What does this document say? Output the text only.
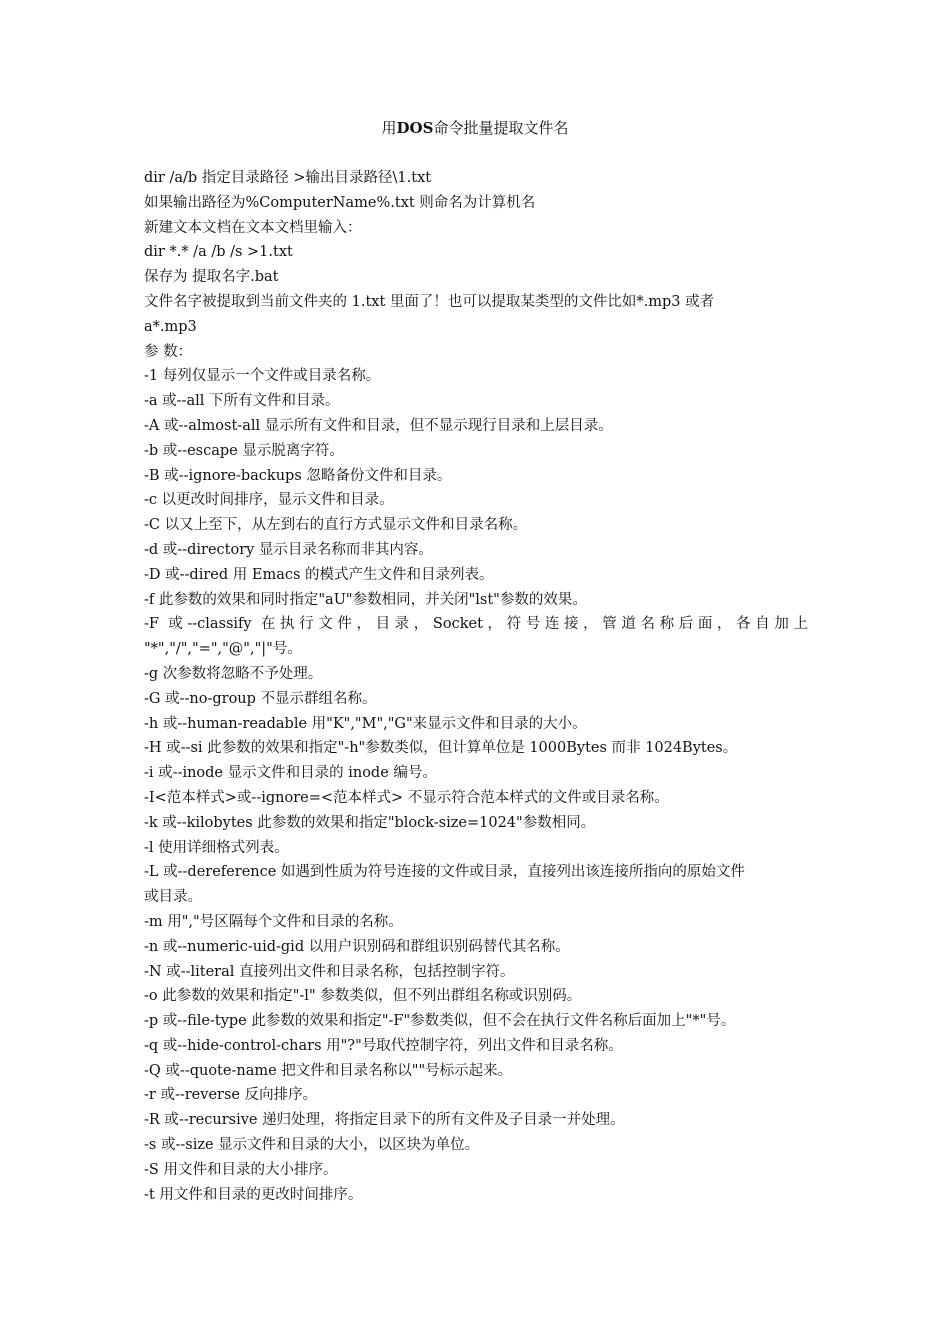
用DOS命令批量提取文件名
dir /a/b 指定目录路径 >输出目录路径\1.txt
如果输出路径为%ComputerName%.txt 则命名为计算机名
新建文本文档在文本文档里输入：
dir *.* /a /b /s >1.txt
保存为 提取名字.bat
文件名字被提取到当前文件夹的 1.txt 里面了！也可以提取某类型的文件比如*.mp3 或者
a*.mp3
参 数：
-1 每列仅显示一个文件或目录名称。
-a 或--all 下所有文件和目录。
-A 或--almost-all 显示所有文件和目录，但不显示现行目录和上层目录。
-b 或--escape 显示脱离字符。
-B 或--ignore-backups 忽略备份文件和目录。
-c 以更改时间排序，显示文件和目录。
-C 以又上至下，从左到右的直行方式显示文件和目录名称。
-d 或--directory 显示目录名称而非其内容。
-D 或--dired 用 Emacs 的模式产生文件和目录列表。
-f 此参数的效果和同时指定"aU"参数相同，并关闭"lst"参数的效果。
-F 或--classify 在执行文件，目录，Socket，符号连接，管道名称后面，各自加上
"*","/","=","@","|"号。
-g 次参数将忽略不予处理。
-G 或--no-group 不显示群组名称。
-h 或--human-readable 用"K","M","G"来显示文件和目录的大小。
-H 或--si 此参数的效果和指定"-h"参数类似，但计算单位是 1000Bytes 而非 1024Bytes。
-i 或--inode 显示文件和目录的 inode 编号。
-I<范本样式>或--ignore=<范本样式> 不显示符合范本样式的文件或目录名称。
-k 或--kilobytes 此参数的效果和指定"block-size=1024"参数相同。
-l 使用详细格式列表。
-L 或--dereference 如遇到性质为符号连接的文件或目录，直接列出该连接所指向的原始文件
或目录。
-m 用","号区隔每个文件和目录的名称。
-n 或--numeric-uid-gid 以用户识别码和群组识别码替代其名称。
-N 或--literal 直接列出文件和目录名称，包括控制字符。
-o 此参数的效果和指定"-l" 参数类似，但不列出群组名称或识别码。
-p 或--file-type 此参数的效果和指定"-F"参数类似，但不会在执行文件名称后面加上"*"号。
-q 或--hide-control-chars 用"?"号取代控制字符，列出文件和目录名称。
-Q 或--quote-name 把文件和目录名称以""号标示起来。
-r 或--reverse 反向排序。
-R 或--recursive 递归处理，将指定目录下的所有文件及子目录一并处理。
-s 或--size 显示文件和目录的大小，以区块为单位。
-S 用文件和目录的大小排序。
-t 用文件和目录的更改时间排序。
